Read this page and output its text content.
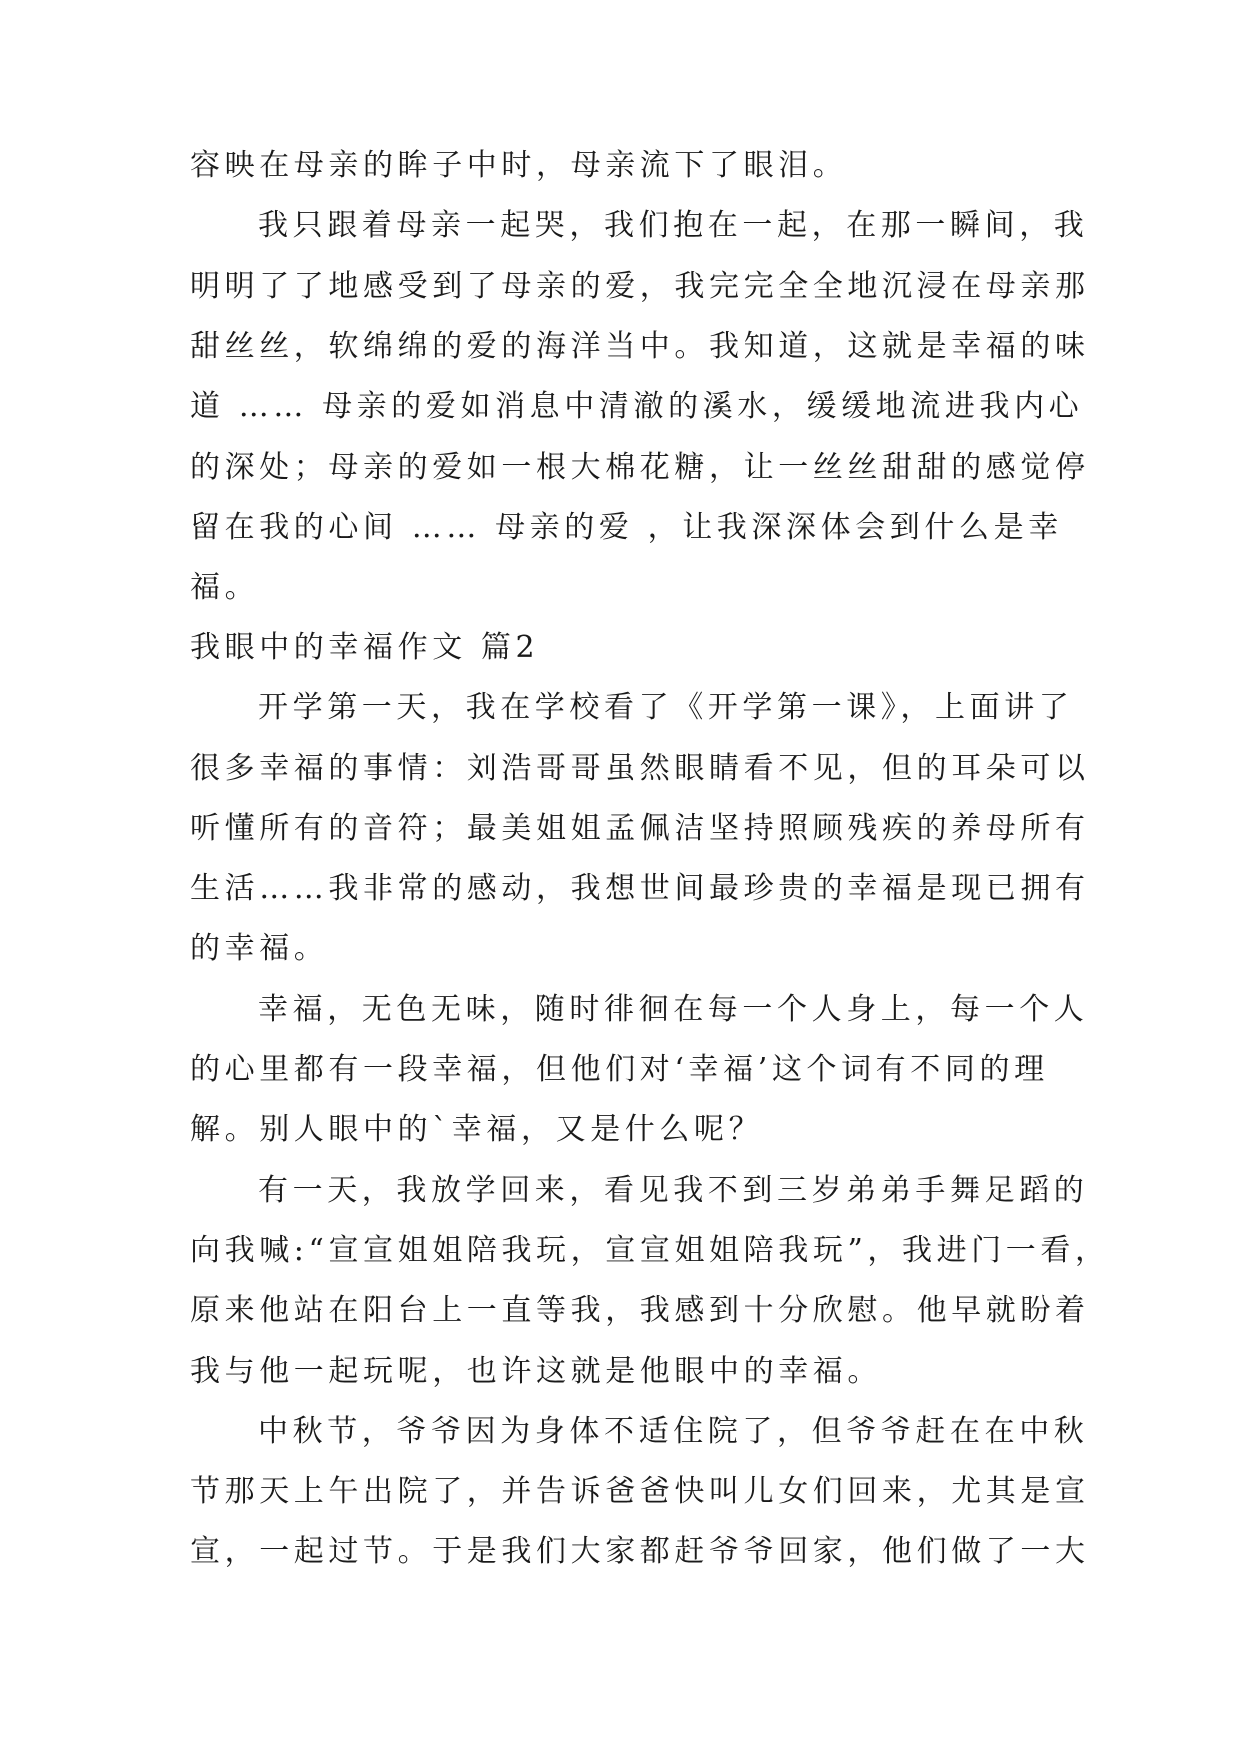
容映在母亲的眸子中时，母亲流下了眼泪。
我只跟着母亲一起哭，我们抱在一起，在那一瞬间，我
明明了了地感受到了母亲的爱，我完完全全地沉浸在母亲那
甜丝丝，软绵绵的爱的海洋当中。我知道，这就是幸福的味
道 …… 母亲的爱如消息中清澈的溪水，缓缓地流进我内心
的深处；母亲的爱如一根大棉花糖，让一丝丝甜甜的感觉停
留在我的心间 …… 母亲的爱 ，让我深深体会到什么是幸
福。
我眼中的幸福作文 篇2
开学第一天，我在学校看了《开学第一课》，上面讲了
很多幸福的事情：刘浩哥哥虽然眼睛看不见，但的耳朵可以
听懂所有的音符；最美姐姐孟佩洁坚持照顾残疾的养母所有
生活……我非常的感动，我想世间最珍贵的幸福是现已拥有
的幸福。
幸福，无色无味，随时徘徊在每一个人身上，每一个人
的心里都有一段幸福，但他们对‘幸福’这个词有不同的理
解。别人眼中的`幸福，又是什么呢？
有一天，我放学回来，看见我不到三岁弟弟手舞足蹈的
向我喊:“宣宣姐姐陪我玩，宣宣姐姐陪我玩”，我进门一看，
原来他站在阳台上一直等我，我感到十分欣慰。他早就盼着
我与他一起玩呢，也许这就是他眼中的幸福。
中秋节，爷爷因为身体不适住院了，但爷爷赶在在中秋
节那天上午出院了，并告诉爸爸快叫儿女们回来，尤其是宣
宣，一起过节。于是我们大家都赶爷爷回家，他们做了一大
